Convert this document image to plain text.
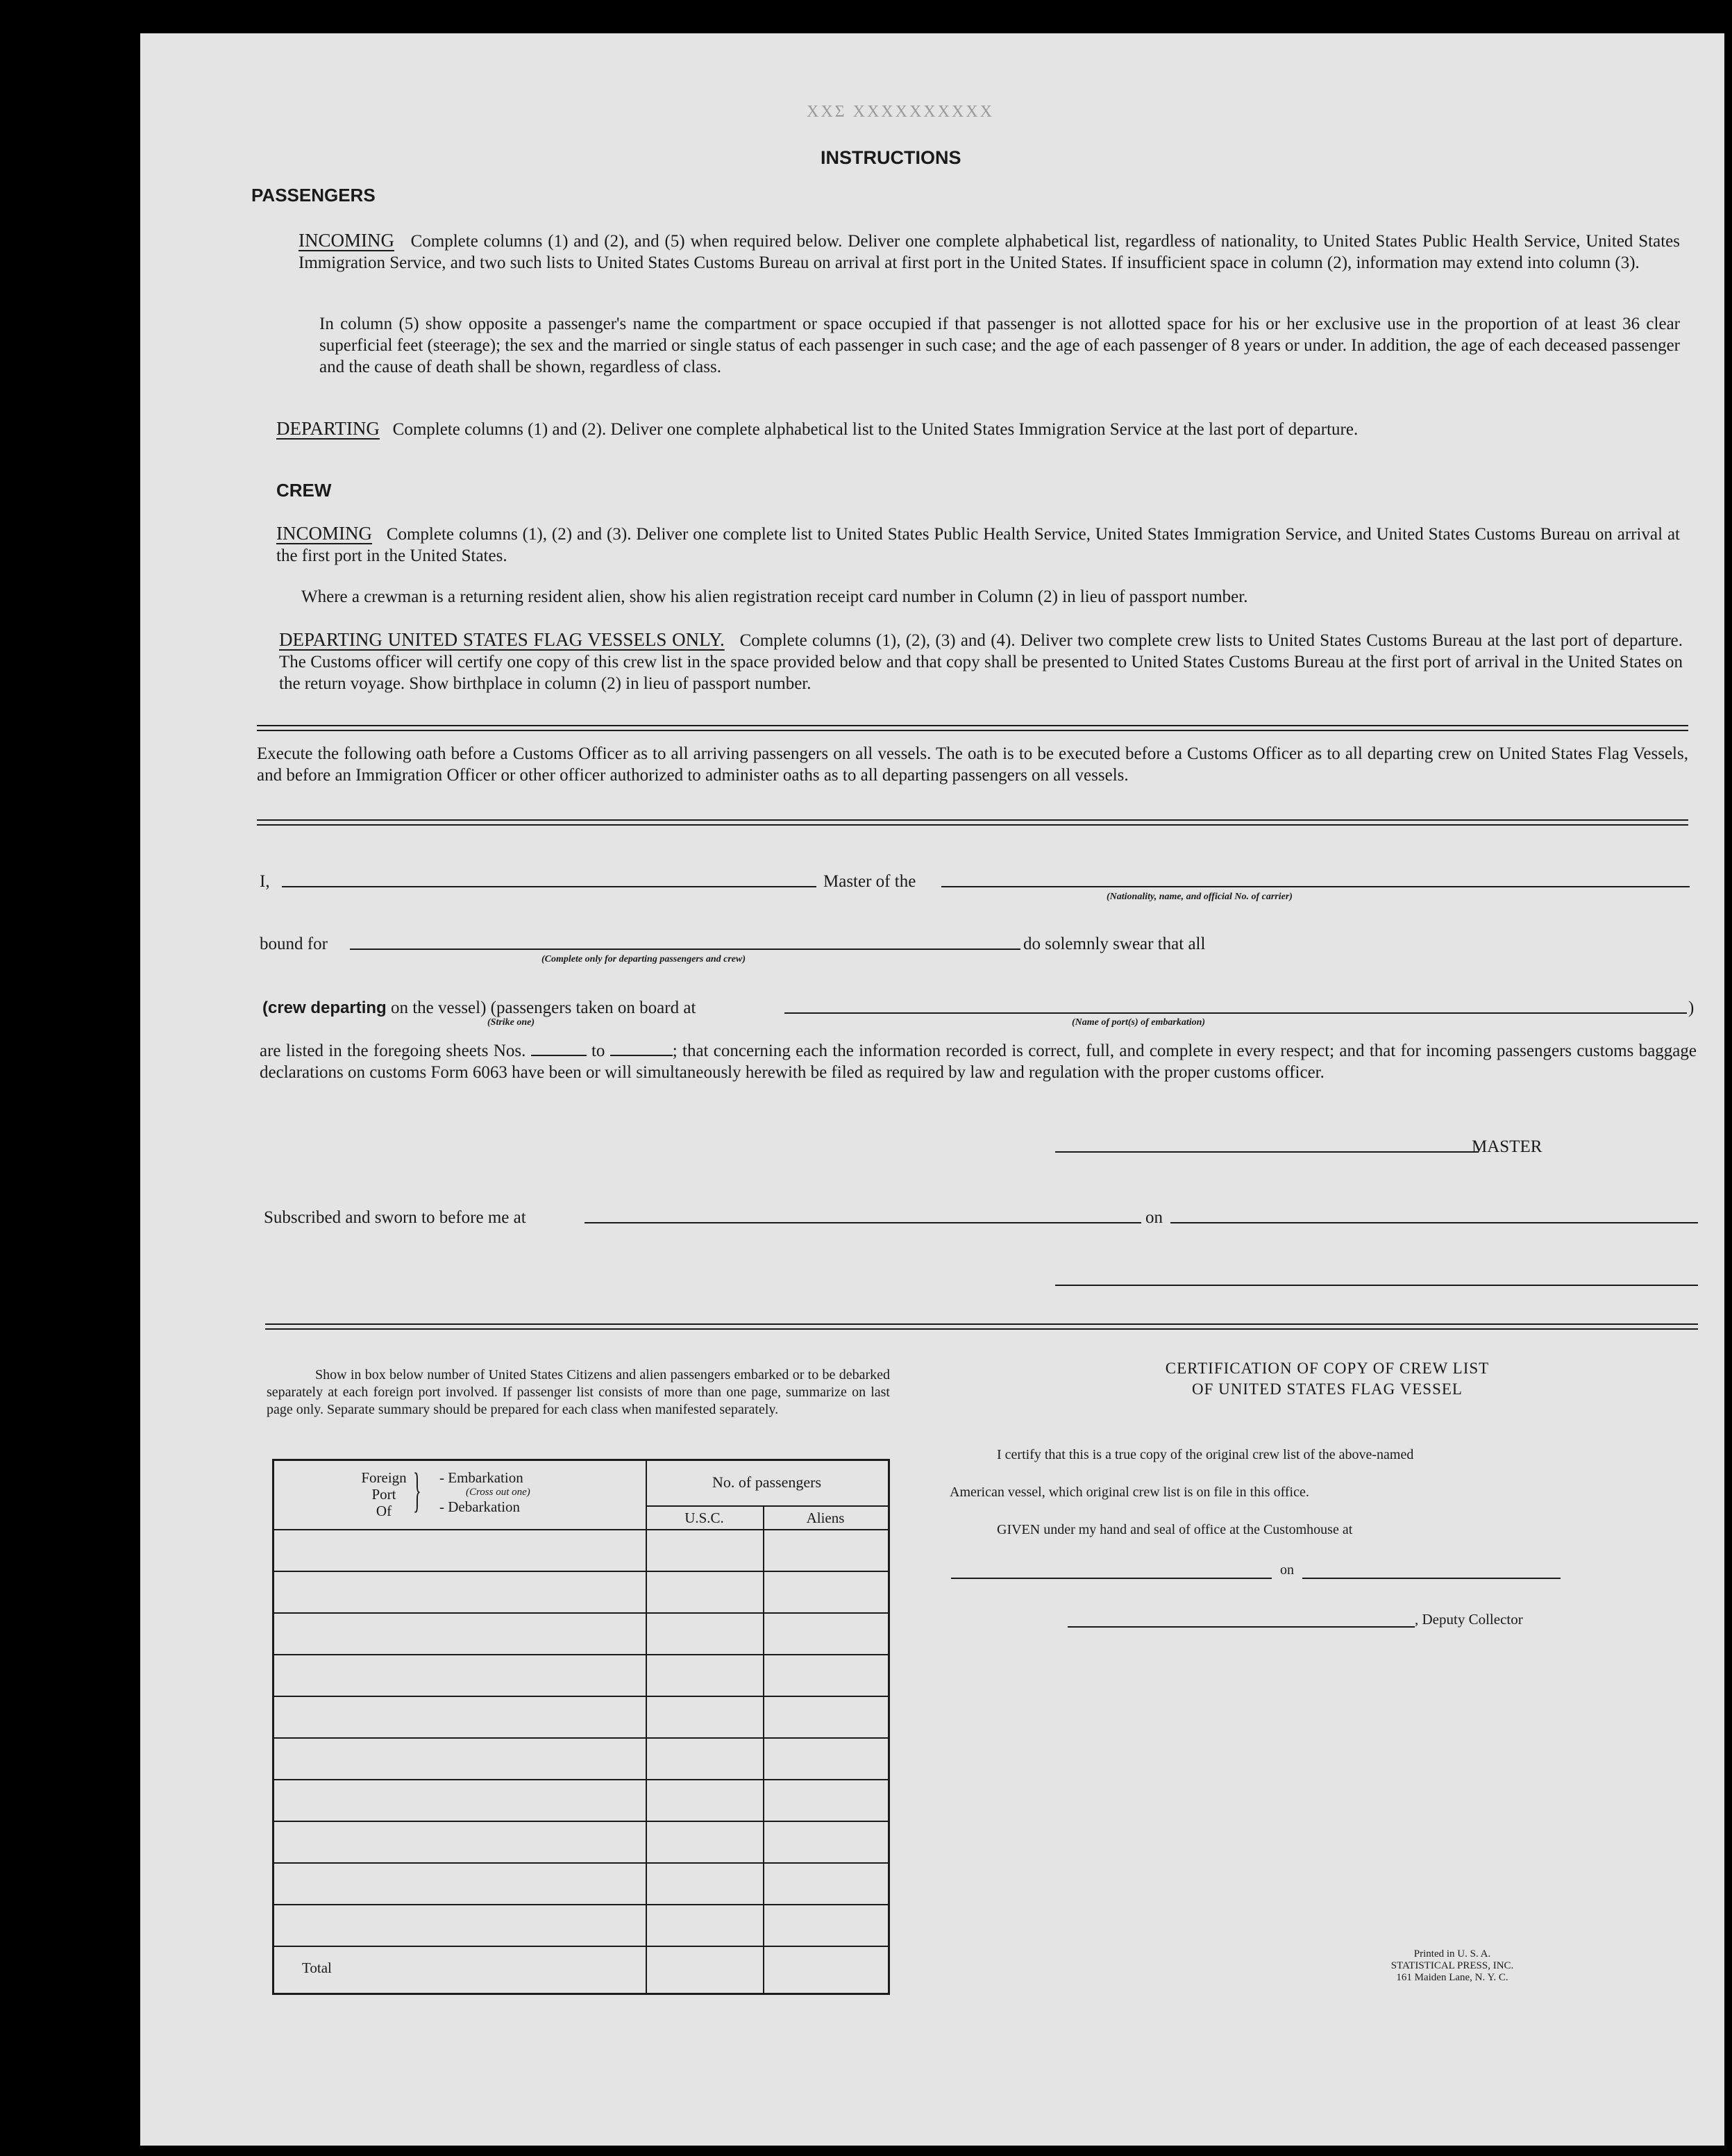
ΧΧΣ ΧΧΧΧΧΧΧΧΧΧ
INSTRUCTIONS
PASSENGERS
INCOMING Complete columns (1) and (2), and (5) when required below. Deliver one complete alphabetical list, regardless of nationality, to United States Public Health Service, United States Immigration Service, and two such lists to United States Customs Bureau on arrival at first port in the United States. If insufficient space in column (2), information may extend into column (3).
In column (5) show opposite a passenger's name the compartment or space occupied if that passenger is not allotted space for his or her exclusive use in the proportion of at least 36 clear superficial feet (steerage); the sex and the married or single status of each passenger in such case; and the age of each passenger of 8 years or under. In addition, the age of each deceased passenger and the cause of death shall be shown, regardless of class.
DEPARTING Complete columns (1) and (2). Deliver one complete alphabetical list to the United States Immigration Service at the last port of departure.
CREW
INCOMING Complete columns (1), (2) and (3). Deliver one complete list to United States Public Health Service, United States Immigration Service, and United States Customs Bureau on arrival at the first port in the United States.
Where a crewman is a returning resident alien, show his alien registration receipt card number in Column (2) in lieu of passport number.
DEPARTING UNITED STATES FLAG VESSELS ONLY. Complete columns (1), (2), (3) and (4). Deliver two complete crew lists to United States Customs Bureau at the last port of departure. The Customs officer will certify one copy of this crew list in the space provided below and that copy shall be presented to United States Customs Bureau at the first port of arrival in the United States on the return voyage. Show birthplace in column (2) in lieu of passport number.
Execute the following oath before a Customs Officer as to all arriving passengers on all vessels. The oath is to be executed before a Customs Officer as to all departing crew on United States Flag Vessels, and before an Immigration Officer or other officer authorized to administer oaths as to all departing passengers on all vessels.
I,	Master of the
(Nationality, name, and official No. of carrier)
bound for
(Complete only for departing passengers and crew)
do solemnly swear that all
(crew departing on the vessel) (passengers taken on board at
(Strike one)	(Name of port(s) of embarkation)
)
are listed in the foregoing sheets Nos.	to	; that concerning each the information recorded is correct, full, and complete in every respect; and that for incoming passengers customs baggage declarations on customs Form 6063 have been or will simultaneously herewith be filed as required by law and regulation with the proper customs officer.
MASTER
Subscribed and sworn to before me at	on
Show in box below number of United States Citizens and alien passengers embarked or to be debarked separately at each foreign port involved. If passenger list consists of more than one page, summarize on last page only. Separate summary should be prepared for each class when manifested separately.
Foreign
Port
Of } - Embarkation
(Cross out one)
- Debarkation
No. of passengers
U.S.C.	Aliens
Total
CERTIFICATION OF COPY OF CREW LIST
OF UNITED STATES FLAG VESSEL
I certify that this is a true copy of the original crew list of the above-named
American vessel, which original crew list is on file in this office.
GIVEN under my hand and seal of office at the Customhouse at
on
, Deputy Collector
Printed in U. S. A.
STATISTICAL PRESS, INC.
161 Maiden Lane, N. Y. C.
